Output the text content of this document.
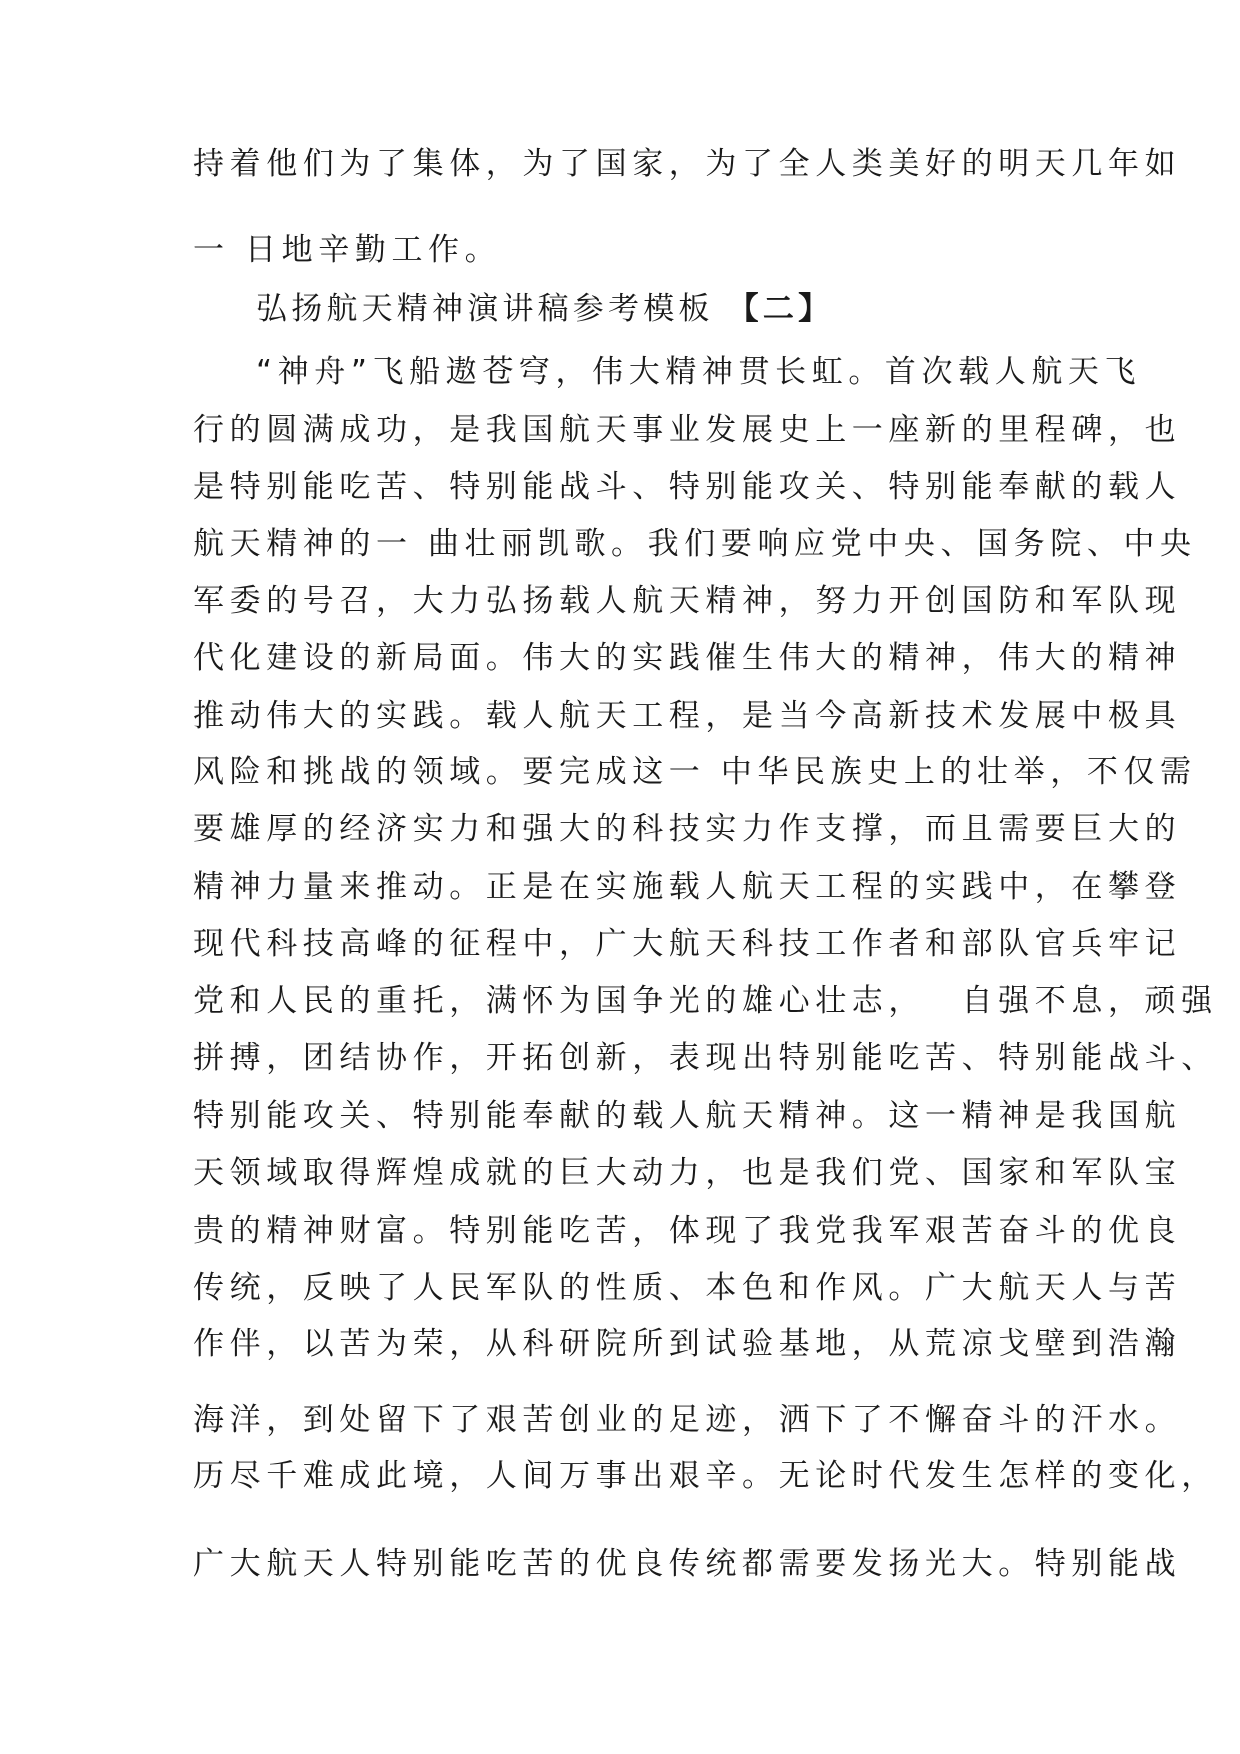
持着他们为了集体，为了国家，为了全人类美好的明天几年如

一 日地辛勤工作。

弘扬航天精神演讲稿参考模板 【二】

“神舟”飞船遨苍穹，伟大精神贯长虹。首次载人航天飞

行的圆满成功，是我国航天事业发展史上一座新的里程碑，也

是特别能吃苦、特别能战斗、特别能攻关、特别能奉献的载人

航天精神的一 曲壮丽凯歌。我们要响应党中央、国务院、中央

军委的号召，大力弘扬载人航天精神，努力开创国防和军队现

代化建设的新局面。伟大的实践催生伟大的精神，伟大的精神

推动伟大的实践。载人航天工程，是当今高新技术发展中极具

风险和挑战的领域。要完成这一 中华民族史上的壮举，不仅需

要雄厚的经济实力和强大的科技实力作支撑，而且需要巨大的

精神力量来推动。正是在实施载人航天工程的实践中，在攀登

现代科技高峰的征程中，广大航天科技工作者和部队官兵牢记

党和人民的重托，满怀为国争光的雄心壮志，　 自强不息，顽强

拼搏，团结协作，开拓创新，表现出特别能吃苦、特别能战斗、

特别能攻关、特别能奉献的载人航天精神。这一精神是我国航

天领域取得辉煌成就的巨大动力，也是我们党、国家和军队宝

贵的精神财富。特别能吃苦，体现了我党我军艰苦奋斗的优良

传统，反映了人民军队的性质、本色和作风。广大航天人与苦

作伴，以苦为荣，从科研院所到试验基地，从荒凉戈壁到浩瀚

海洋，到处留下了艰苦创业的足迹，洒下了不懈奋斗的汗水。

历尽千难成此境，人间万事出艰辛。无论时代发生怎样的变化，

广大航天人特别能吃苦的优良传统都需要发扬光大。特别能战
